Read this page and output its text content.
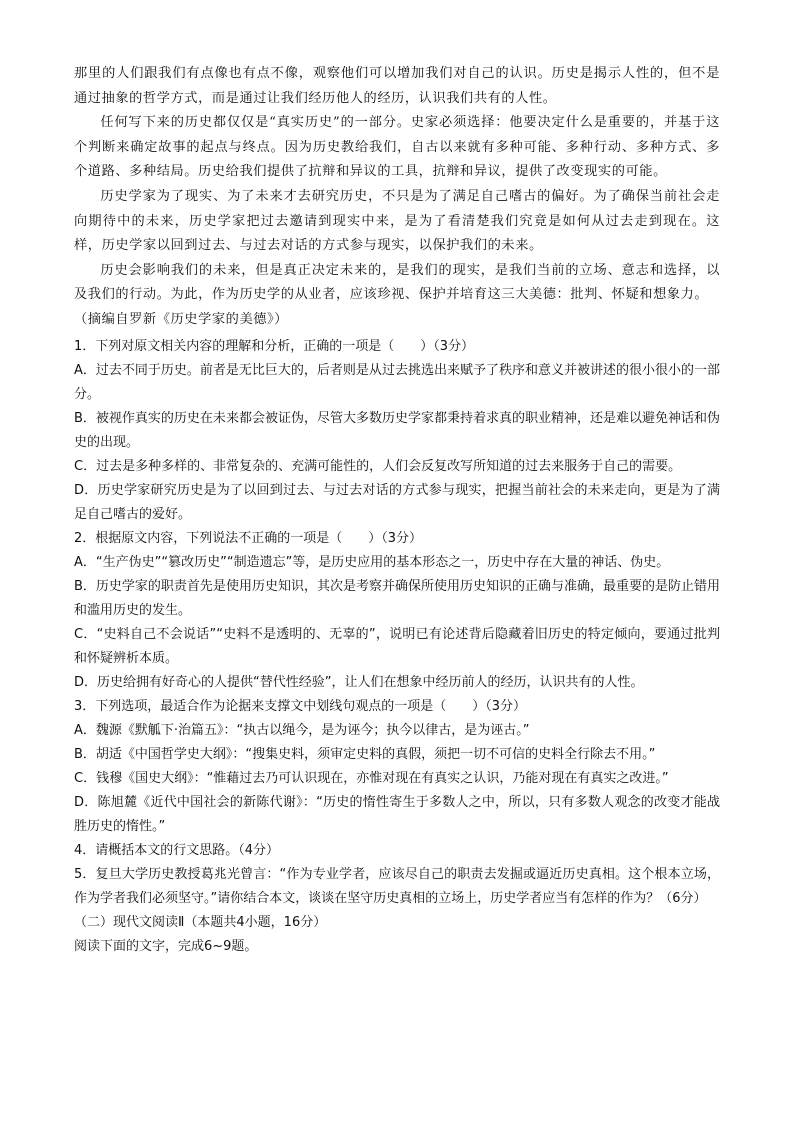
那里的人们跟我们有点像也有点不像，观察他们可以增加我们对自己的认识。历史是揭示人性的，但不是通过抽象的哲学方式，而是通过让我们经历他人的经历，认识我们共有的人性。

任何写下来的历史都仅仅是“真实历史”的一部分。史家必须选择：他要决定什么是重要的，并基于这个判断来确定故事的起点与终点。因为历史教给我们，自古以来就有多种可能、多种行动、多种方式、多个道路、多种结局。历史给我们提供了抗辩和异议的工具，抗辩和异议，提供了改变现实的可能。

历史学家为了现实、为了未来才去研究历史，不只是为了满足自己嗜古的偏好。为了确保当前社会走向期待中的未来，历史学家把过去邀请到现实中来，是为了看清楚我们究竟是如何从过去走到现在。这样，历史学家以回到过去、与过去对话的方式参与现实，以保护我们的未来。

历史会影响我们的未来，但是真正决定未来的，是我们的现实，是我们当前的立场、意志和选择，以及我们的行动。为此，作为历史学的从业者，应该珍视、保护并培育这三大美德：批判、怀疑和想象力。

（摘编自罗新《历史学家的美德》）

1．下列对原文相关内容的理解和分析，正确的一项是（　　）（3分）

A．过去不同于历史。前者是无比巨大的，后者则是从过去挑选出来赋予了秩序和意义并被讲述的很小很小的一部分。

B．被视作真实的历史在未来都会被证伪，尽管大多数历史学家都秉持着求真的职业精神，还是难以避免神话和伪史的出现。

C．过去是多种多样的、非常复杂的、充满可能性的，人们会反复改写所知道的过去来服务于自己的需要。

D．历史学家研究历史是为了以回到过去、与过去对话的方式参与现实，把握当前社会的未来走向，更是为了满足自己嗜古的爱好。

2．根据原文内容，下列说法不正确的一项是（　　）（3分）

A．“生产伪史”“篡改历史”“制造遗忘”等，是历史应用的基本形态之一，历史中存在大量的神话、伪史。

B．历史学家的职责首先是使用历史知识，其次是考察并确保所使用历史知识的正确与准确，最重要的是防止错用和滥用历史的发生。

C．“史料自己不会说话”“史料不是透明的、无辜的”，说明已有论述背后隐藏着旧历史的特定倾向，要通过批判和怀疑辨析本质。

D．历史给拥有好奇心的人提供“替代性经验”，让人们在想象中经历前人的经历，认识共有的人性。

3．下列选项，最适合作为论据来支撑文中划线句观点的一项是（　　）（3分）

A．魏源《默觚下·治篇五》：“执古以绳今，是为诬今；执今以律古，是为诬古。”

B．胡适《中国哲学史大纲》：“搜集史料，须审定史料的真假，须把一切不可信的史料全行除去不用。”

C．钱穆《国史大纲》：“惟藉过去乃可认识现在，亦惟对现在有真实之认识，乃能对现在有真实之改进。”

D．陈旭麓《近代中国社会的新陈代谢》：“历史的惰性寄生于多数人之中，所以，只有多数人观念的改变才能战胜历史的惰性。”

4．请概括本文的行文思路。（4分）

5．复旦大学历史教授葛兆光曾言：“作为专业学者，应该尽自己的职责去发掘或逼近历史真相。这个根本立场，作为学者我们必须坚守。”请你结合本文，谈谈在坚守历史真相的立场上，历史学者应当有怎样的作为？（6分）

（二）现代文阅读Ⅱ（本题共4小题，16分）

阅读下面的文字，完成6~9题。
